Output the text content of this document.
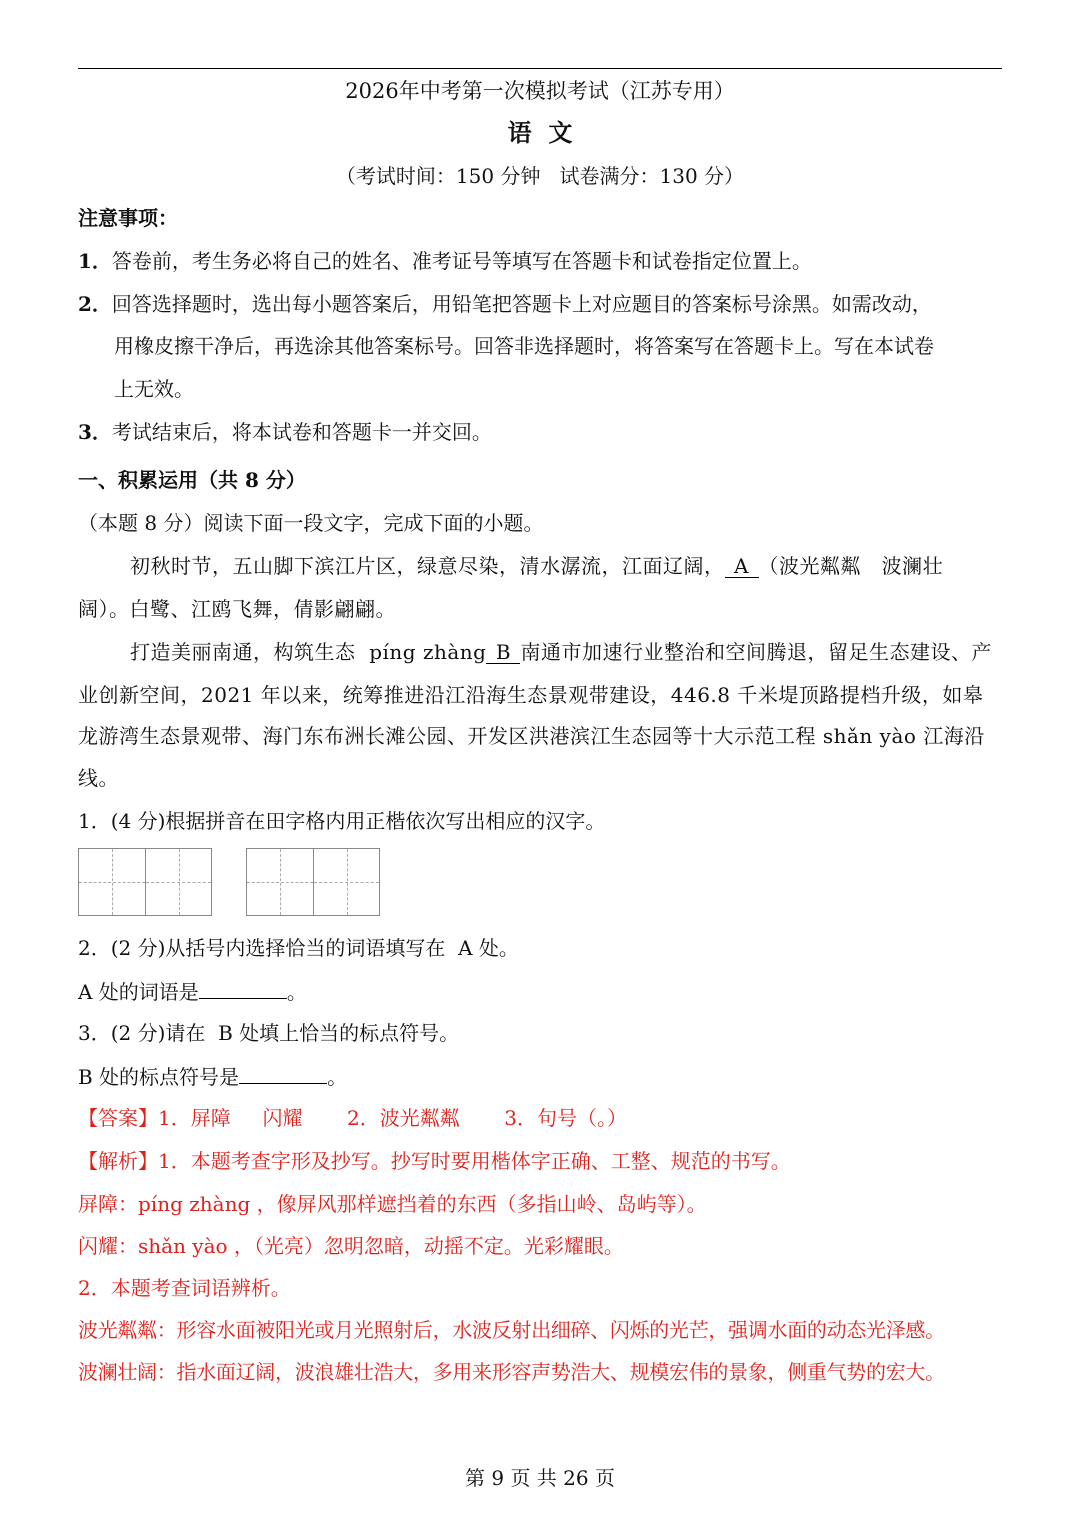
2026年中考第一次模拟考试（江苏专用）
语  文
（考试时间：150 分钟   试卷满分：130 分）
注意事项：
1．答卷前，考生务必将自己的姓名、准考证号等填写在答题卡和试卷指定位置上。
2．回答选择题时，选出每小题答案后，用铅笔把答题卡上对应题目的答案标号涂黑。如需改动，
用橡皮擦干净后，再选涂其他答案标号。回答非选择题时，将答案写在答题卡上。写在本试卷
上无效。
3．考试结束后，将本试卷和答题卡一并交回。
一、积累运用（共 8 分）
（本题 8 分）阅读下面一段文字，完成下面的小题。
初秋时节，五山脚下滨江片区，绿意尽染，清水潺流，江面辽阔， A （波光粼粼   波澜壮
阔）。白鹭、江鸥飞舞，倩影翩翩。
打造美丽南通，构筑生态  píng zhàng B 南通市加速行业整治和空间腾退，留足生态建设、产
业创新空间，2021 年以来，统筹推进沿江沿海生态景观带建设，446.8 千米堤顶路提档升级，如皋
龙游湾生态景观带、海门东布洲长滩公园、开发区洪港滨江生态园等十大示范工程 shǎn yào 江海沿
线。
1．(4 分)根据拼音在田字格内用正楷依次写出相应的汉字。
2．(2 分)从括号内选择恰当的词语填写在  A 处。
A 处的词语是	。
3．(2 分)请在  B 处填上恰当的标点符号。
B 处的标点符号是	。
【答案】1．屏障     闪耀       2．波光粼粼       3．句号（。）
【解析】1．本题考查字形及抄写。抄写时要用楷体字正确、工整、规范的书写。
屏障：píng zhàng ，像屏风那样遮挡着的东西（多指山岭、岛屿等）。
闪耀：shǎn yào ，（光亮）忽明忽暗，动摇不定。光彩耀眼。
2．本题考查词语辨析。
波光粼粼：形容水面被阳光或月光照射后，水波反射出细碎、闪烁的光芒，强调水面的动态光泽感。
波澜壮阔：指水面辽阔，波浪雄壮浩大，多用来形容声势浩大、规模宏伟的景象，侧重气势的宏大。
第 9 页 共 26 页
